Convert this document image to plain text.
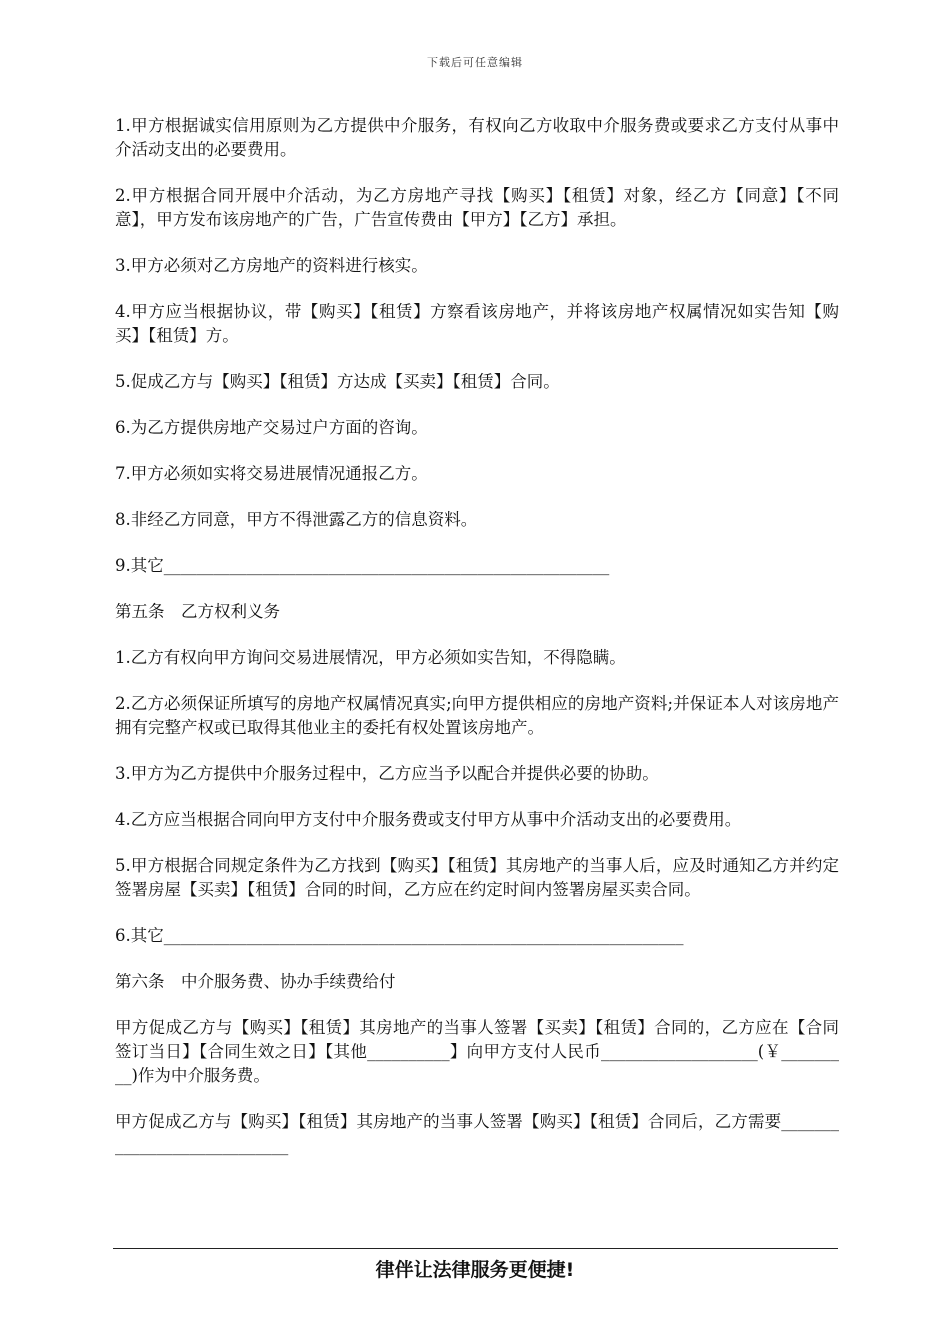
下载后可任意编辑

1.甲方根据诚实信用原则为乙方提供中介服务，有权向乙方收取中介服务费或要求乙方支付从事中介活动支出的必要费用。

2.甲方根据合同开展中介活动，为乙方房地产寻找【购买】【租赁】对象，经乙方【同意】【不同意】，甲方发布该房地产的广告，广告宣传费由【甲方】【乙方】承担。

3.甲方必须对乙方房地产的资料进行核实。

4.甲方应当根据协议，带【购买】【租赁】方察看该房地产，并将该房地产权属情况如实告知【购买】【租赁】方。

5.促成乙方与【购买】【租赁】方达成【买卖】【租赁】合同。

6.为乙方提供房地产交易过户方面的咨询。

7.甲方必须如实将交易进展情况通报乙方。

8.非经乙方同意，甲方不得泄露乙方的信息资料。

9.其它______________________________________________________

第五条　乙方权利义务

1.乙方有权向甲方询问交易进展情况，甲方必须如实告知，不得隐瞒。

2.乙方必须保证所填写的房地产权属情况真实;向甲方提供相应的房地产资料;并保证本人对该房地产拥有完整产权或已取得其他业主的委托有权处置该房地产。

3.甲方为乙方提供中介服务过程中，乙方应当予以配合并提供必要的协助。

4.乙方应当根据合同向甲方支付中介服务费或支付甲方从事中介活动支出的必要费用。

5.甲方根据合同规定条件为乙方找到【购买】【租赁】其房地产的当事人后，应及时通知乙方并约定签署房屋【买卖】【租赁】合同的时间，乙方应在约定时间内签署房屋买卖合同。

6.其它_______________________________________________________________

第六条　中介服务费、协办手续费给付

甲方促成乙方与【购买】【租赁】其房地产的当事人签署【买卖】【租赁】合同的，乙方应在【合同签订当日】【合同生效之日】【其他__________】向甲方支付人民币___________________(￥_________)作为中介服务费。

甲方促成乙方与【购买】【租赁】其房地产的当事人签署【购买】【租赁】合同后，乙方需要____________________________

律伴让法律服务更便捷!
